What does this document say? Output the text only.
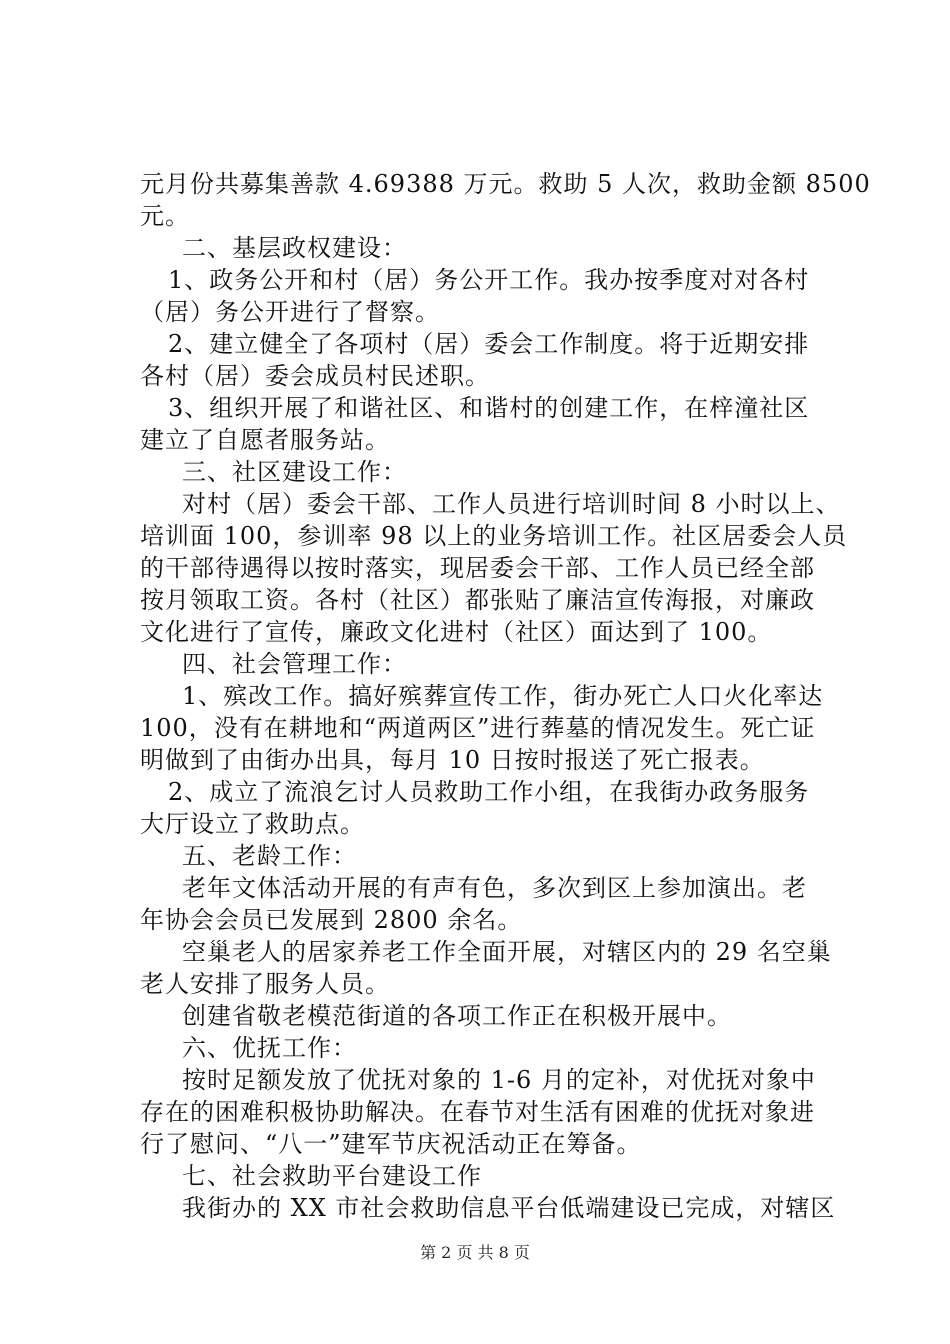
元月份共募集善款 4.69388 万元。救助 5 人次，救助金额 8500
元。
二、基层政权建设：
1、政务公开和村（居）务公开工作。我办按季度对对各村
（居）务公开进行了督察。
2、建立健全了各项村（居）委会工作制度。将于近期安排
各村（居）委会成员村民述职。
3、组织开展了和谐社区、和谐村的创建工作，在梓潼社区
建立了自愿者服务站。
三、社区建设工作：
对村（居）委会干部、工作人员进行培训时间 8 小时以上、
培训面 100，参训率 98 以上的业务培训工作。社区居委会人员
的干部待遇得以按时落实，现居委会干部、工作人员已经全部
按月领取工资。各村（社区）都张贴了廉洁宣传海报，对廉政
文化进行了宣传，廉政文化进村（社区）面达到了 100。
四、社会管理工作：
1、殡改工作。搞好殡葬宣传工作，街办死亡人口火化率达
100，没有在耕地和“两道两区”进行葬墓的情况发生。死亡证
明做到了由街办出具，每月 10 日按时报送了死亡报表。
2、成立了流浪乞讨人员救助工作小组，在我街办政务服务
大厅设立了救助点。
五、老龄工作：
老年文体活动开展的有声有色，多次到区上参加演出。老
年协会会员已发展到 2800 余名。
空巢老人的居家养老工作全面开展，对辖区内的 29 名空巢
老人安排了服务人员。
创建省敬老模范街道的各项工作正在积极开展中。
六、优抚工作：
按时足额发放了优抚对象的 1-6 月的定补，对优抚对象中
存在的困难积极协助解决。在春节对生活有困难的优抚对象进
行了慰问、“八一”建军节庆祝活动正在筹备。
七、社会救助平台建设工作
我街办的 XX 市社会救助信息平台低端建设已完成，对辖区
第 2 页 共 8 页
